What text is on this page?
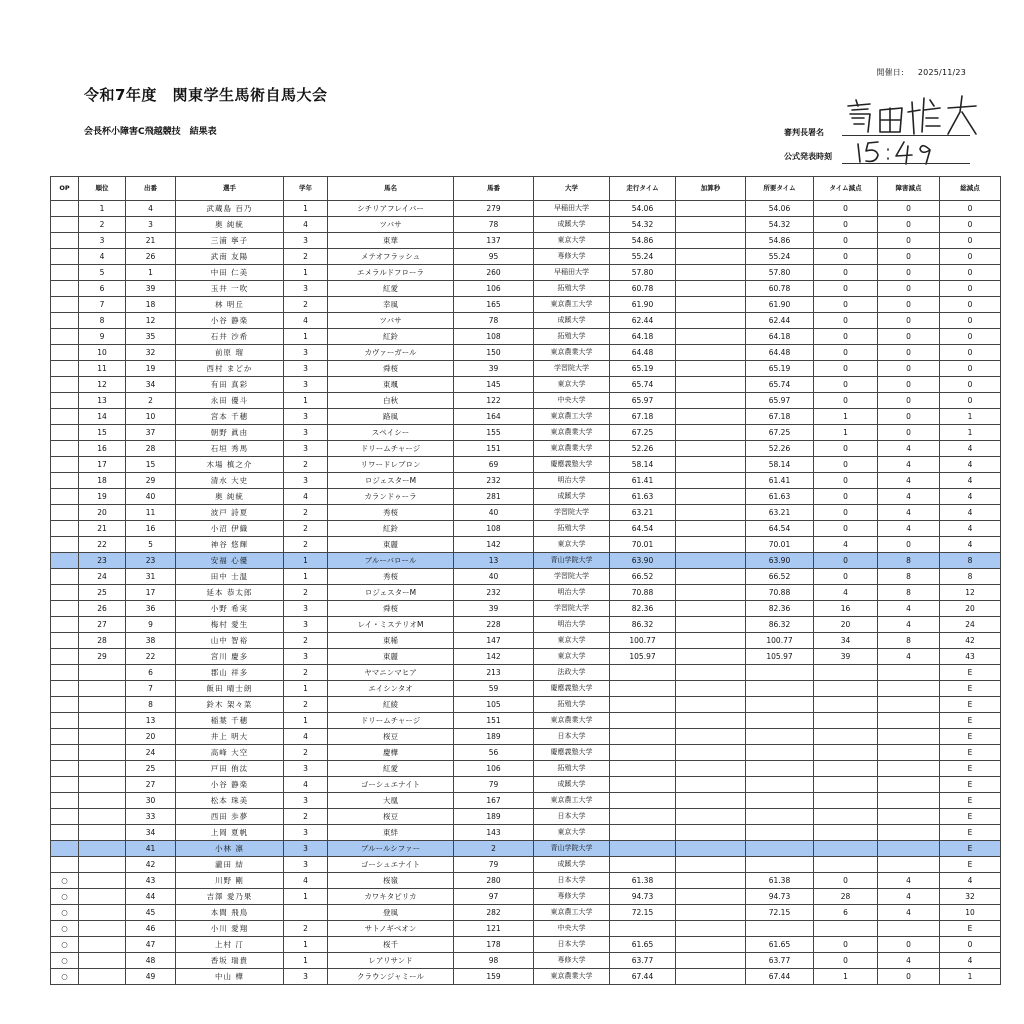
開催日: 2025/11/23
令和7年度　関東学生馬術自馬大会
会長杯小障害C飛越競技　結果表	審判長署名
公式発表時刻
OP	順位	出番	選手	学年	馬名	馬番	大学	走行タイム	加算秒	所要タイム	タイム減点	障害減点	総減点
	1	4	武蔵島 百乃	1	シチリアフレイバー	279	早稲田大学	54.06		54.06	0	0	0
	2	3	奥 純統	4	ツバサ	78	成蹊大学	54.32		54.32	0	0	0
	3	21	三浦 寧子	3	東華	137	東京大学	54.86		54.86	0	0	0
	4	26	武南 友陽	2	メテオフラッシュ	95	専修大学	55.24		55.24	0	0	0
	5	1	中田 仁美	1	エメラルドフローラ	260	早稲田大学	57.80		57.80	0	0	0
	6	39	玉井 一吹	3	紅愛	106	拓殖大学	60.78		60.78	0	0	0
	7	18	林 明丘	2	幸風	165	東京農工大学	61.90		61.90	0	0	0
	8	12	小谷 静楽	4	ツバサ	78	成蹊大学	62.44		62.44	0	0	0
	9	35	石井 沙希	1	紅鈴	108	拓殖大学	64.18		64.18	0	0	0
	10	32	前原 瑠	3	カヴァーガール	150	東京農業大学	64.48		64.48	0	0	0
	11	19	西村 まどか	3	舜桜	39	学習院大学	65.19		65.19	0	0	0
	12	34	有田 真彩	3	東颯	145	東京大学	65.74		65.74	0	0	0
	13	2	永田 優斗	1	白秋	122	中央大学	65.97		65.97	0	0	0
	14	10	宮本 千穂	3	路風	164	東京農工大学	67.18		67.18	1	0	1
	15	37	朝野 眞由	3	スペイシー	155	東京農業大学	67.25		67.25	1	0	1
	16	28	石垣 秀馬	3	ドリームチャージ	151	東京農業大学	52.26		52.26	0	4	4
	17	15	木場 槙之介	2	リワードレブロン	69	慶應義塾大学	58.14		58.14	0	4	4
	18	29	清水 大史	3	ロジェスターM	232	明治大学	61.41		61.41	0	4	4
	19	40	奥 純統	4	カランドゥーラ	281	成蹊大学	61.63		61.63	0	4	4
	20	11	波戸 詩夏	2	秀桜	40	学習院大学	63.21		63.21	0	4	4
	21	16	小沼 伊織	2	紅鈴	108	拓殖大学	64.54		64.54	0	4	4
	22	5	神谷 悠輝	2	東麗	142	東京大学	70.01		70.01	4	0	4
	23	23	安福 心優	1	ブルーバロール	13	青山学院大学	63.90		63.90	0	8	8
	24	31	田中 士温	1	秀桜	40	学習院大学	66.52		66.52	0	8	8
	25	17	延本 恭太郎	2	ロジェスターM	232	明治大学	70.88		70.88	4	8	12
	26	36	小野 希実	3	舜桜	39	学習院大学	82.36		82.36	16	4	20
	27	9	梅村 愛生	3	レイ・ミステリオM	228	明治大学	86.32		86.32	20	4	24
	28	38	山中 智裕	2	東稀	147	東京大学	100.77		100.77	34	8	42
	29	22	宮川 慶多	3	東麗	142	東京大学	105.97		105.97	39	4	43
		6	郡山 祥多	2	ヤマニンマヒア	213	法政大学						E
		7	飯田 晴士朗	1	エイシンタオ	59	慶應義塾大学						E
		8	鈴木 架々菜	2	紅綾	105	拓殖大学						E
		13	稲葉 千穂	1	ドリームチャージ	151	東京農業大学						E
		20	井上 明大	4	桜豆	189	日本大学						E
		24	高峰 大空	2	慶樺	56	慶應義塾大学						E
		25	戸田 侑汰	3	紅愛	106	拓殖大学						E
		27	小谷 静楽	4	ゴーシュエナイト	79	成蹊大学						E
		30	松本 珠美	3	大凰	167	東京農工大学						E
		33	西田 歩夢	2	桜豆	189	日本大学						E
		34	上岡 夏帆	3	東絆	143	東京大学						E
		41	小林 凛	3	ブルールシファー	2	青山学院大学						E
		42	瀧田 結	3	ゴーシュエナイト	79	成蹊大学						E
○		43	川野 剛	4	桜嶺	280	日本大学	61.38		61.38	0	4	4
○		44	吉澤 愛乃果	1	カワキタピリカ	97	専修大学	94.73		94.73	28	4	32
○		45	本間 飛鳥		登風	282	東京農工大学	72.15		72.15	6	4	10
○		46	小川 愛翔	2	サトノギベオン	121	中央大学						E
○		47	上村 汀	1	桜千	178	日本大学	61.65		61.65	0	0	0
○		48	香坂 瑞貴	1	レアリサンド	98	専修大学	63.77		63.77	0	4	4
○		49	中山 樺	3	クラウンジャミール	159	東京農業大学	67.44		67.44	1	0	1
